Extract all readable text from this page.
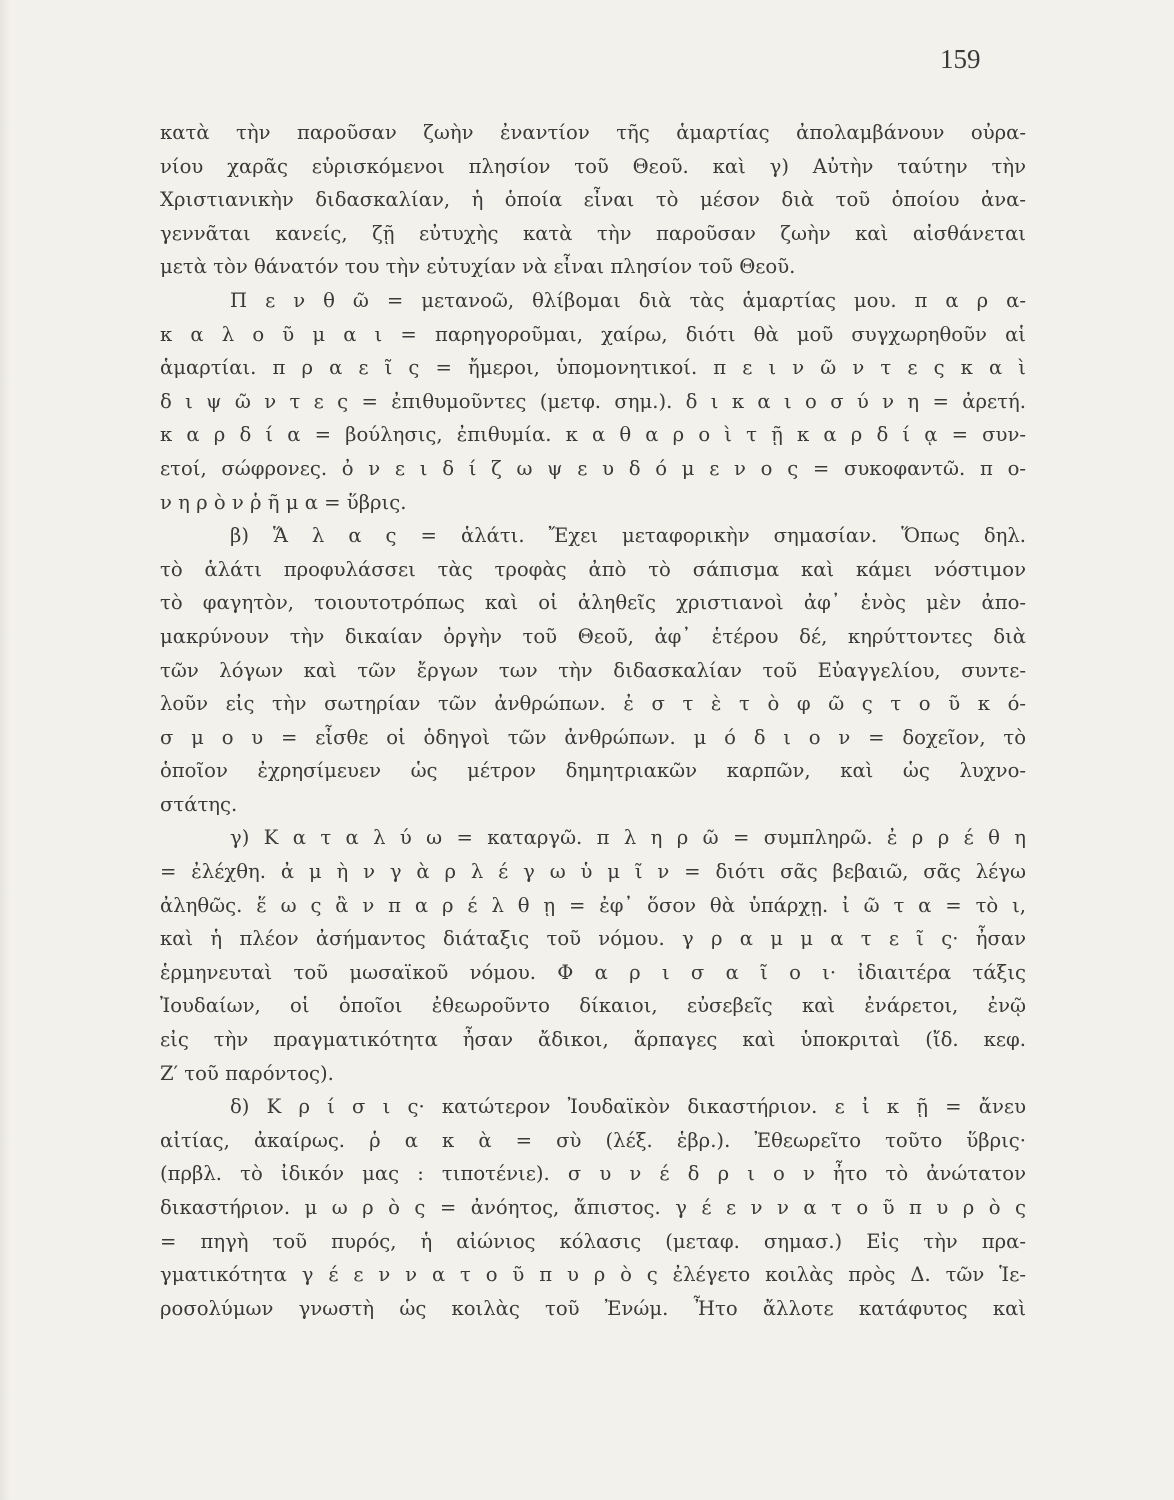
159
κατὰ τὴν παροῦσαν ζωὴν ἐναντίον τῆς ἁμαρτίας ἀπολαμβάνουν οὐρα-
νίου χαρᾶς εὑρισκόμενοι πλησίον τοῦ Θεοῦ. καὶ γ) Αὐτὴν ταύτην τὴν
Χριστιανικὴν διδασκαλίαν, ἡ ὁποία εἶναι τὸ μέσον διὰ τοῦ ὁποίου ἀνα-
γεννᾶται κανείς, ζῇ εὐτυχὴς κατὰ τὴν παροῦσαν ζωὴν καὶ αἰσθάνεται
μετὰ τὸν θάνατόν του τὴν εὐτυχίαν νὰ εἶναι πλησίον τοῦ Θεοῦ.
Π ε ν θ ῶ = μετανοῶ, θλίβομαι διὰ τὰς ἁμαρτίας μου. π α ρ α-
κ α λ ο ῦ μ α ι = παρηγοροῦμαι, χαίρω, διότι θὰ μοῦ συγχωρηθοῦν αἱ
ἁμαρτίαι. π ρ α ε ῖ ς = ἤμεροι, ὑπομονητικοί. π ε ι ν ῶ ν τ ε ς κ α ὶ
δ ι ψ ῶ ν τ ε ς = ἐπιθυμοῦντες (μετφ. σημ.). δ ι κ α ι ο σ ύ ν η = ἀρετή.
κ α ρ δ ί α = βούλησις, ἐπιθυμία. κ α θ α ρ ο ὶ τ ῇ κ α ρ δ ί ᾳ = συν-
ετοί, σώφρονες. ὀ ν ε ι δ ί ζ ω ψ ε υ δ ό μ ε ν ο ς = συκοφαντῶ. π ο-
ν η ρ ὸ ν ῥ ῆ μ α = ὕβρις.
β) Ἅ λ α ς = ἁλάτι. Ἔχει μεταφορικὴν σημασίαν. Ὅπως δηλ.
τὸ ἁλάτι προφυλάσσει τὰς τροφὰς ἀπὸ τὸ σάπισμα καὶ κάμει νόστιμον
τὸ φαγητὸν, τοιουτοτρόπως καὶ οἱ ἀληθεῖς χριστιανοὶ ἀφ᾽ ἑνὸς μὲν ἀπο-
μακρύνουν τὴν δικαίαν ὀργὴν τοῦ Θεοῦ, ἀφ᾽ ἑτέρου δέ, κηρύττοντες διὰ
τῶν λόγων καὶ τῶν ἔργων των τὴν διδασκαλίαν τοῦ Εὐαγγελίου, συντε-
λοῦν εἰς τὴν σωτηρίαν τῶν ἀνθρώπων. ἐ σ τ ὲ τ ὸ φ ῶ ς τ ο ῦ κ ό-
σ μ ο υ = εἶσθε οἱ ὁδηγοὶ τῶν ἀνθρώπων. μ ό δ ι ο ν = δοχεῖον, τὸ
ὁποῖον ἐχρησίμευεν ὡς μέτρον δημητριακῶν καρπῶν, καὶ ὡς λυχνο-
στάτης.
γ) Κ α τ α λ ύ ω = καταργῶ. π λ η ρ ῶ = συμπληρῶ. ἐ ρ ρ έ θ η
= ἐλέχθη. ἀ μ ὴ ν γ ὰ ρ λ έ γ ω ὑ μ ῖ ν = διότι σᾶς βεβαιῶ, σᾶς λέγω
ἀληθῶς. ἕ ω ς ἂ ν π α ρ έ λ θ ῃ = ἐφ᾽ ὅσον θὰ ὑπάρχῃ. ἰ ῶ τ α = τὸ ι,
καὶ ἡ πλέον ἀσήμαντος διάταξις τοῦ νόμου. γ ρ α μ μ α τ ε ῖ ς· ἦσαν
ἑρμηνευταὶ τοῦ μωσαϊκοῦ νόμου. Φ α ρ ι σ α ῖ ο ι· ἰδιαιτέρα τάξις
Ἰουδαίων, οἱ ὁποῖοι ἐθεωροῦντο δίκαιοι, εὐσεβεῖς καὶ ἐνάρετοι, ἐνῷ
εἰς τὴν πραγματικότητα ἦσαν ἄδικοι, ἅρπαγες καὶ ὑποκριταὶ (ἴδ. κεφ.
Ζ′ τοῦ παρόντος).
δ) Κ ρ ί σ ι ς· κατώτερον Ἰουδαϊκὸν δικαστήριον. ε ἰ κ ῇ = ἄνευ
αἰτίας, ἀκαίρως. ῥ α κ ὰ = σὺ (λέξ. ἑβρ.). Ἐθεωρεῖτο τοῦτο ὕβρις·
(πρβλ. τὸ ἰδικόν μας : τιποτένιε). σ υ ν έ δ ρ ι ο ν ἦτο τὸ ἀνώτατον
δικαστήριον. μ ω ρ ὸ ς = ἀνόητος, ἄπιστος. γ έ ε ν ν α τ ο ῦ π υ ρ ὸ ς
= πηγὴ τοῦ πυρός, ἡ αἰώνιος κόλασις (μεταφ. σημασ.) Εἰς τὴν πρα-
γματικότητα γ έ ε ν ν α τ ο ῦ π υ ρ ὸ ς ἐλέγετο κοιλὰς πρὸς Δ. τῶν Ἱε-
ροσολύμων γνωστὴ ὡς κοιλὰς τοῦ Ἐνώμ. Ἦτο ἄλλοτε κατάφυτος καὶ
